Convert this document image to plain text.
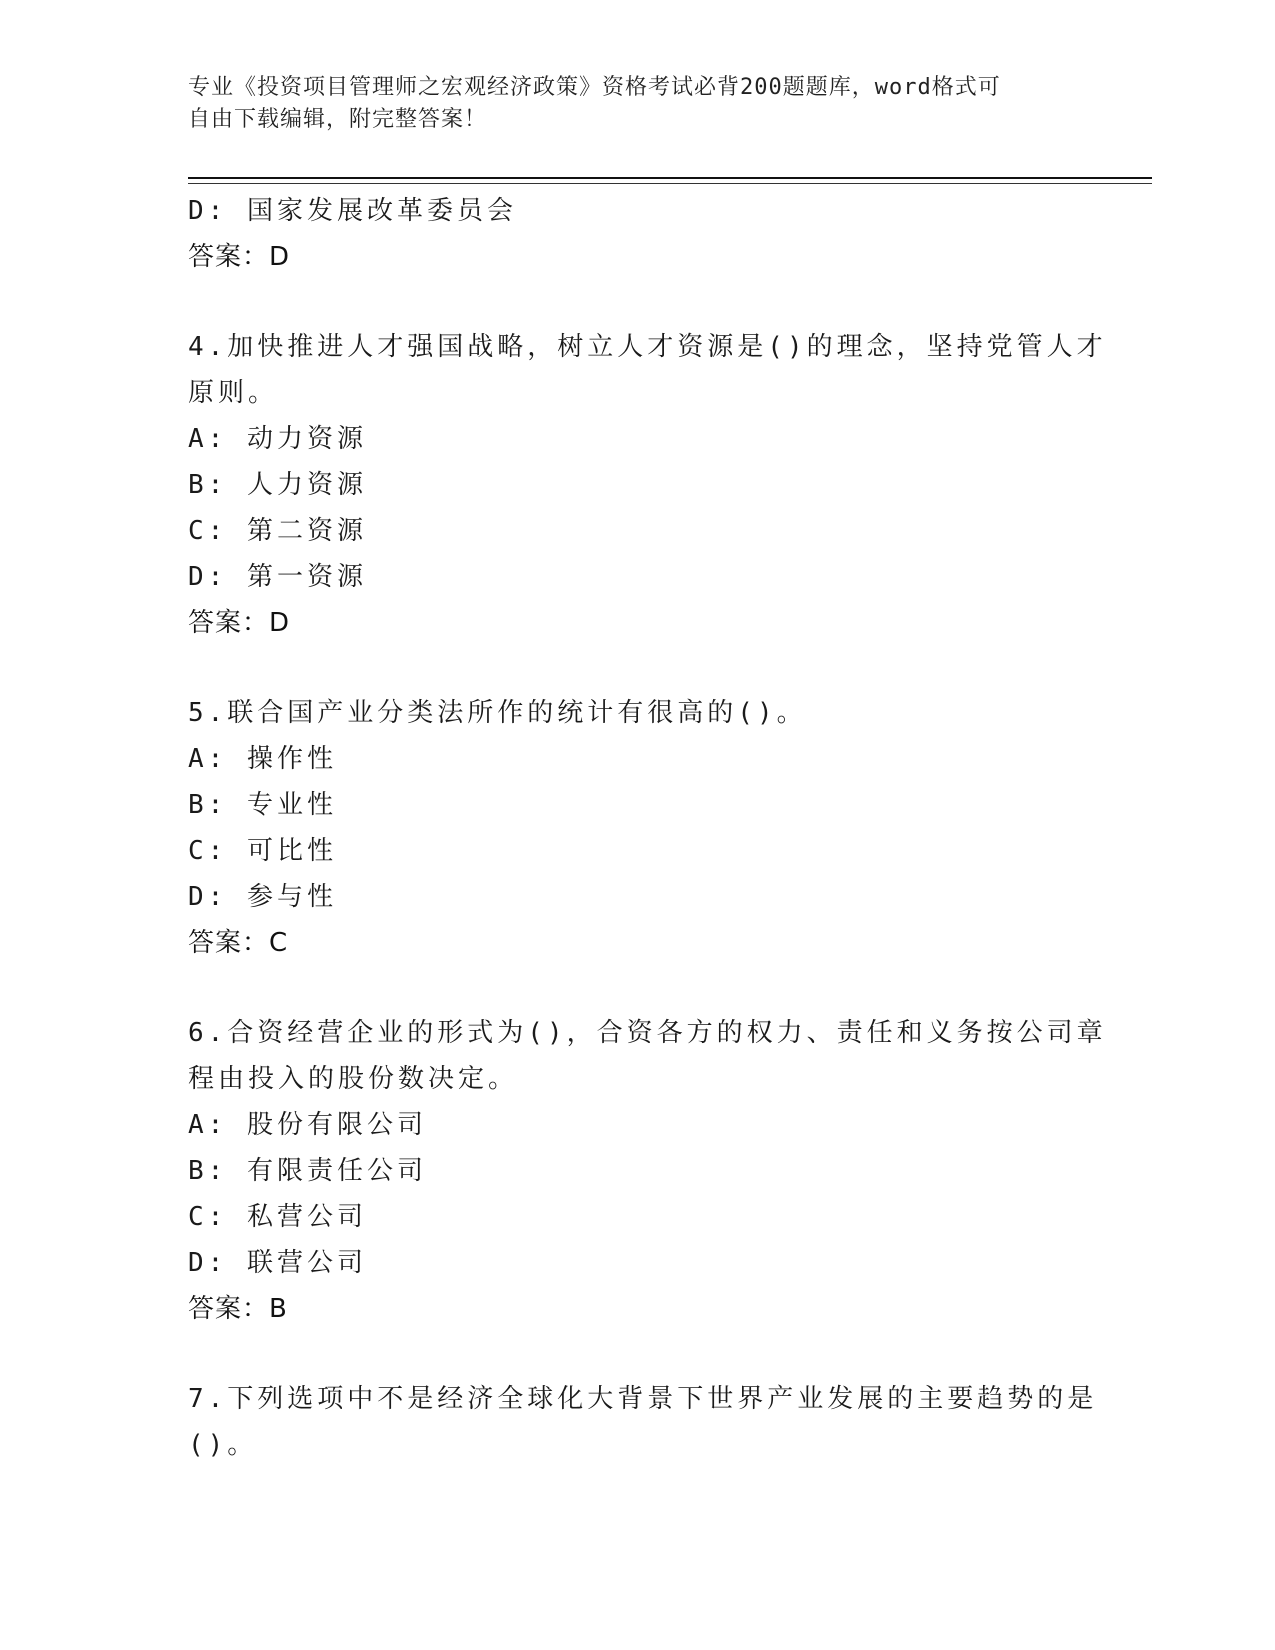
专业《投资项目管理师之宏观经济政策》资格考试必背200题题库，word格式可
自由下载编辑，附完整答案！
D: 国家发展改革委员会
答案：D
4.加快推进人才强国战略，树立人才资源是()的理念，坚持党管人才
原则。
A: 动力资源
B: 人力资源
C: 第二资源
D: 第一资源
答案：D
5.联合国产业分类法所作的统计有很高的()。
A: 操作性
B: 专业性
C: 可比性
D: 参与性
答案：C
6.合资经营企业的形式为()，合资各方的权力、责任和义务按公司章
程由投入的股份数决定。
A: 股份有限公司
B: 有限责任公司
C: 私营公司
D: 联营公司
答案：B
7.下列选项中不是经济全球化大背景下世界产业发展的主要趋势的是
()。
